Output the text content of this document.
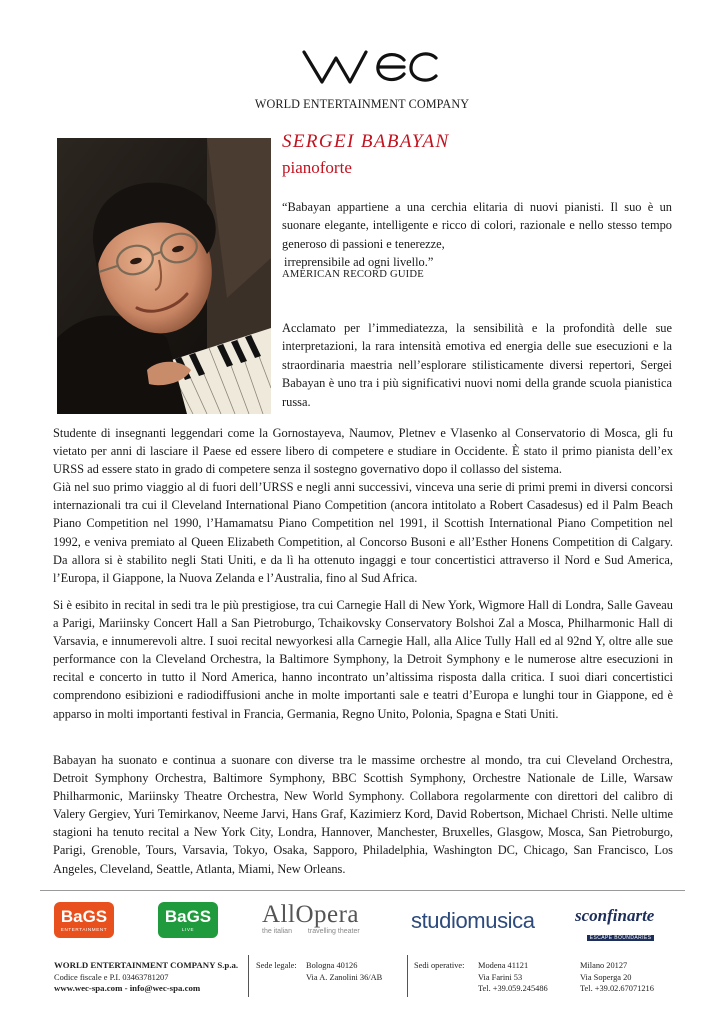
WORLD ENTERTAINMENT COMPANY
SERGEI BABAYAN
pianoforte

“Babayan appartiene a una cerchia elitaria di nuovi pianisti. Il suo è un suonare elegante, intelligente e ricco di colori, razionale e nello stesso tempo generoso di passioni e tenerezze,

irreprensibile ad ogni livello.”

AMERICAN RECORD GUIDE
Acclamato per l’immediatezza, la sensibilità e la profondità delle sue interpretazioni, la rara intensità emotiva ed energia delle sue esecuzioni e la straordinaria maestria nell’esplorare stilisticamente diversi repertori, Sergei Babayan è uno tra i più significativi nuovi nomi della grande scuola pianistica russa.

Studente di insegnanti leggendari come la Gornostayeva, Naumov, Pletnev e Vlasenko al Conservatorio di Mosca, gli fu vietato per anni di lasciare il Paese ed essere libero di competere e studiare in Occidente. È stato il primo pianista dell’ex URSS ad essere stato in grado di competere senza il sostegno governativo dopo il collasso del sistema.

Già nel suo primo viaggio al di fuori dell’URSS e negli anni successivi, vinceva una serie di primi premi in diversi concorsi internazionali tra cui il Cleveland International Piano Competition (ancora intitolato a Robert Casadesus) ed il Palm Beach Piano Competition nel 1990, l’Hamamatsu Piano Competition nel 1991, il Scottish International Piano Competition nel 1992, e veniva premiato al Queen Elizabeth Competition, al Concorso Busoni e all’Esther Honens Competition di Calgary. Da allora si è stabilito negli Stati Uniti, e da lì ha ottenuto ingaggi e tour concertistici attraverso il Nord e Sud America, l’Europa, il Giappone, la Nuova Zelanda e l’Australia, fino al Sud Africa.

Si è esibito in recital in sedi tra le più prestigiose, tra cui Carnegie Hall di New York, Wigmore Hall di Londra, Salle Gaveau a Parigi, Mariinsky Concert Hall a San Pietroburgo, Tchaikovsky Conservatory Bolshoi Zal a Mosca, Philharmonic Hall di Varsavia, e innumerevoli altre. I suoi recital newyorkesi alla Carnegie Hall, alla Alice Tully Hall ed al 92nd Y, oltre alle sue performance con la Cleveland Orchestra, la Baltimore Symphony, la Detroit Symphony e le numerose altre esecuzioni in recital e concerto in tutto il Nord America, hanno incontrato un’altissima risposta dalla critica. I suoi diari concertistici comprendono esibizioni e radiodiffusioni anche in molte importanti sale e teatri d’Europa e lunghi tour in Giappone, ed è apparso in molti importanti festival in Francia, Germania, Regno Unito, Polonia, Spagna e Stati Uniti.
Babayan ha suonato e continua a suonare con diverse tra le massime orchestre al mondo, tra cui Cleveland Orchestra, Detroit Symphony Orchestra, Baltimore Symphony, BBC Scottish Symphony, Orchestre Nationale de Lille, Warsaw Philharmonic, Mariinsky Theatre Orchestra, New World Symphony. Collabora regolarmente con direttori del calibro di Valery Gergiev, Yuri Temirkanov, Neeme Jarvi, Hans Graf, Kazimierz Kord, David Robertson, Michael Christi. Nelle ultime stagioni ha tenuto recital a New York City, Londra, Hannover, Manchester, Bruxelles, Glasgow, Mosca, San Pietroburgo, Parigi, Grenoble, Tours, Varsavia, Tokyo, Osaka, Sapporo, Philadelphia, Washington DC, Chicago, San Francisco, Los Angeles, Cleveland, Seattle, Atlanta, Miami, New Orleans.
BaGS
ENTERTAINMENT
BaGS
LIVE
AllOpera
the italian travelling theater studiomusica sconfinarte
ESCAPE BOUNDARIES
WORLD ENTERTAINMENT COMPANY S.p.a.
Codice fiscale e P.I. 03463781207
www.wec-spa.com - info@wec-spa.com
Sede legale: Bologna 40126
Via A. Zanolini 36/AB
Sedi operative: Modena 41121
Via Farini 53
Tel. +39.059.245486
Milano 20127
Via Soperga 20
Tel. +39.02.67071216
